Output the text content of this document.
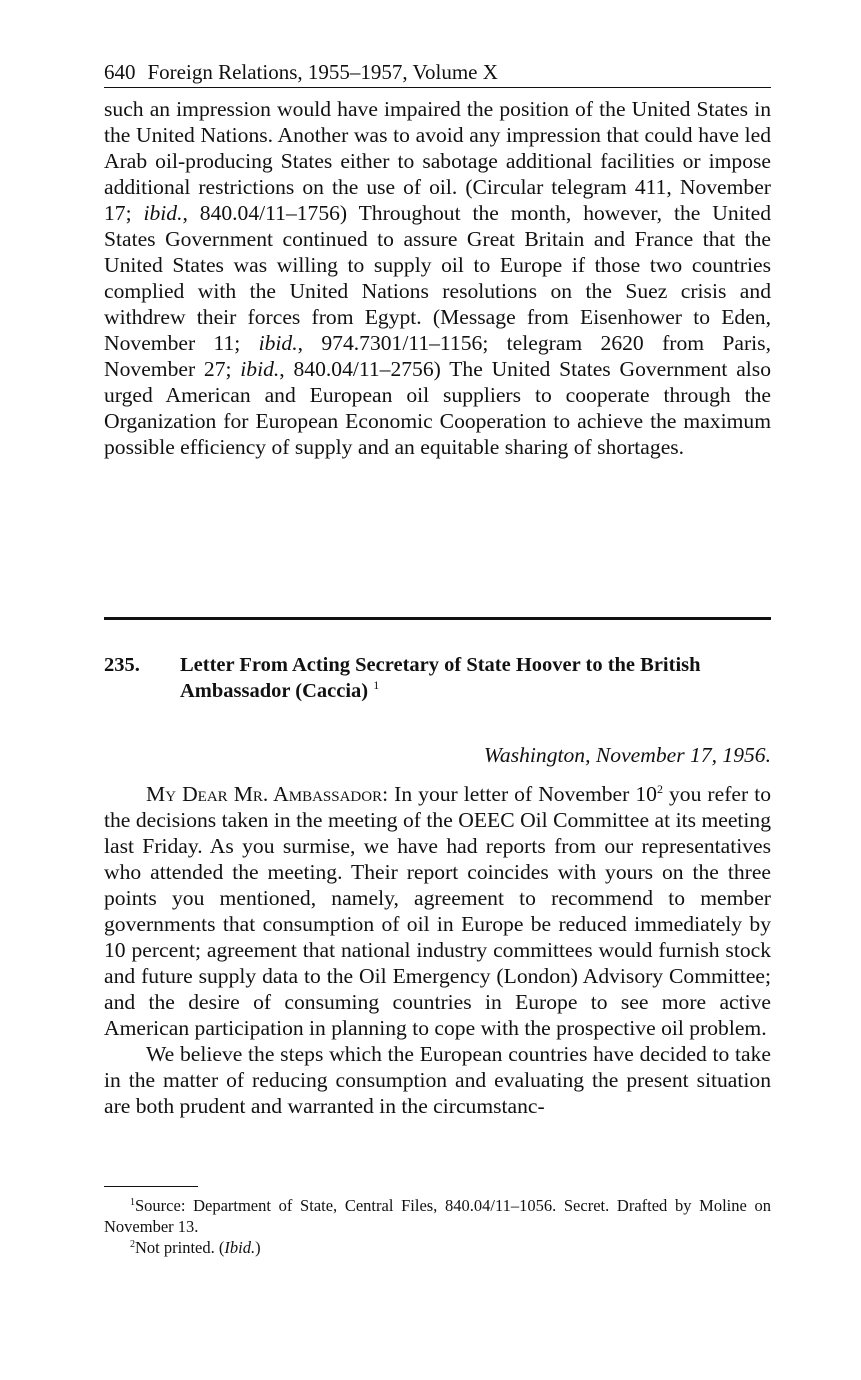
640 Foreign Relations, 1955–1957, Volume X

such an impression would have impaired the position of the United States in the United Nations. Another was to avoid any impression that could have led Arab oil-producing States either to sabotage additional facilities or impose additional restrictions on the use of oil. (Circular telegram 411, November 17; ibid., 840.04/11–1756) Throughout the month, however, the United States Government continued to assure Great Britain and France that the United States was willing to supply oil to Europe if those two countries complied with the United Nations resolutions on the Suez crisis and withdrew their forces from Egypt. (Message from Eisenhower to Eden, November 11; ibid., 974.7301/11–1156; telegram 2620 from Paris, November 27; ibid., 840.04/11–2756) The United States Government also urged American and European oil suppliers to cooperate through the Organization for European Economic Cooperation to achieve the maximum possible efficiency of supply and an equitable sharing of shortages.

235. Letter From Acting Secretary of State Hoover to the British Ambassador (Caccia) $^1$
Washington, November 17, 1956.

My Dear Mr. Ambassador: In your letter of November $10^2$ you refer to the decisions taken in the meeting of the OEEC Oil Committee at its meeting last Friday. As you surmise, we have had reports from our representatives who attended the meeting. Their report coincides with yours on the three points you mentioned, namely, agreement to recommend to member governments that consumption of oil in Europe be reduced immediately by 10 percent; agreement that national industry committees would furnish stock and future supply data to the Oil Emergency (London) Advisory Committee; and the desire of consuming countries in Europe to see more active American participation in planning to cope with the prospective oil problem.

We believe the steps which the European countries have decided to take in the matter of reducing consumption and evaluating the present situation are both prudent and warranted in the circumstanc-

$^1$Source: Department of State, Central Files, 840.04/11–1056. Secret. Drafted by Moline on November 13.

$^2$Not printed. (Ibid.)
